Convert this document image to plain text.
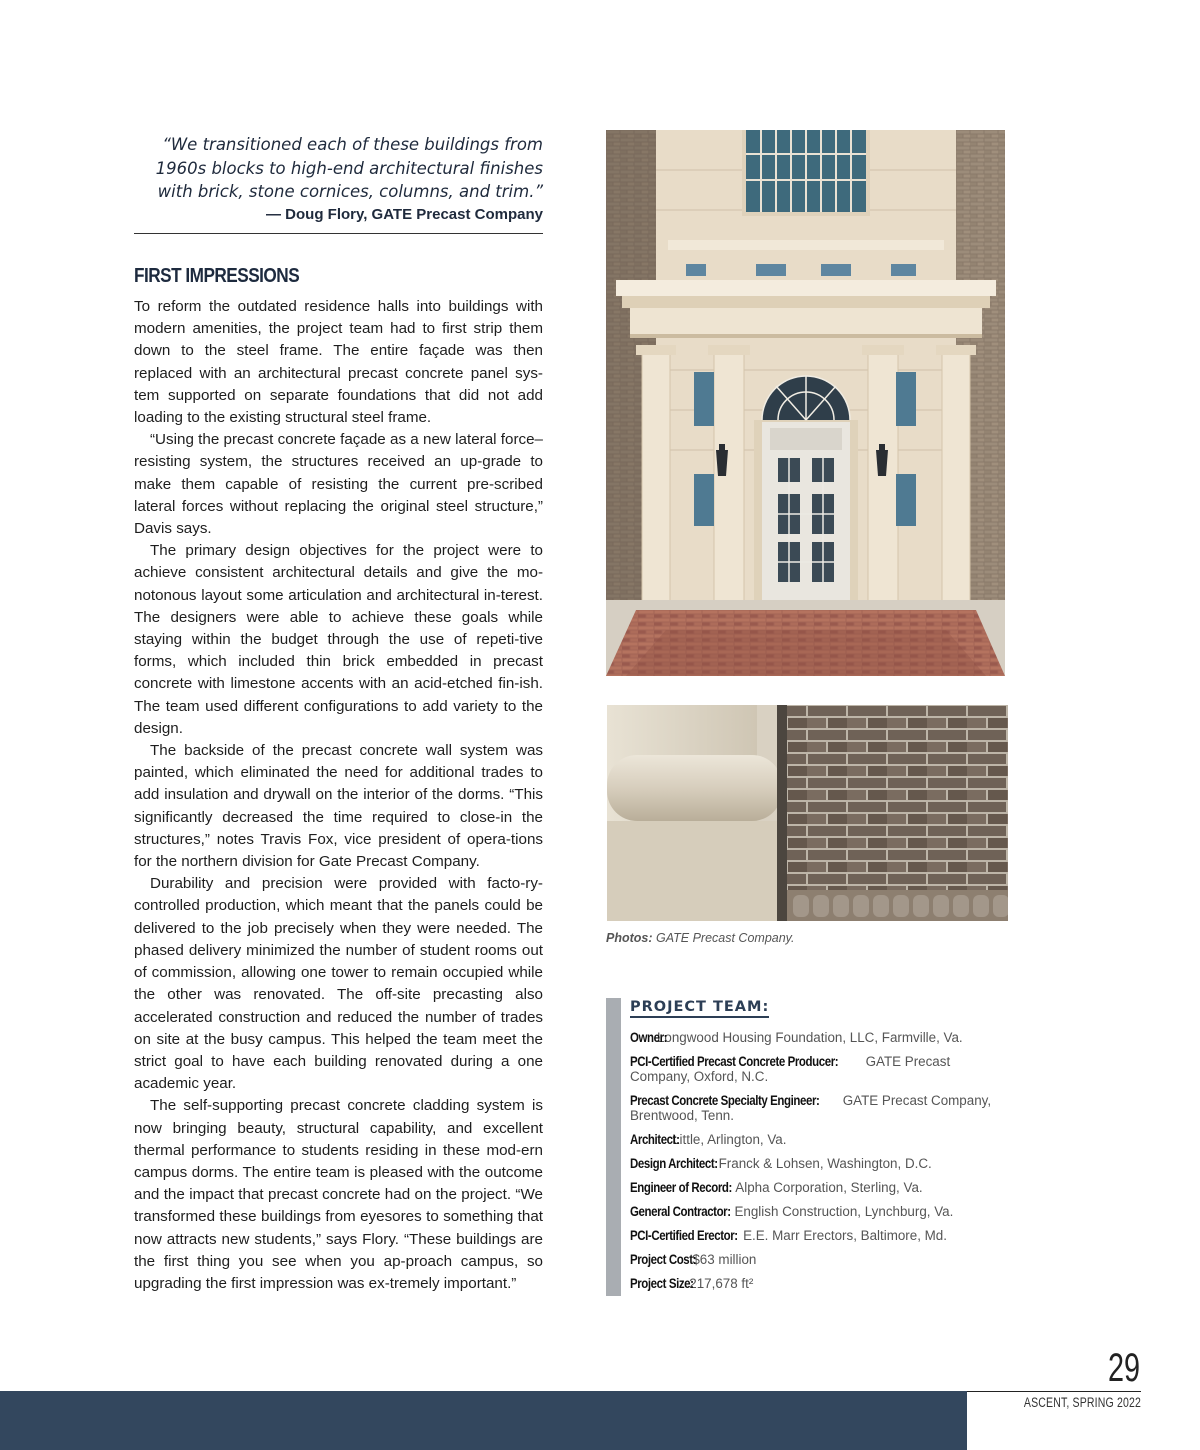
“We transitioned each of these buildings from
1960s blocks to high-end architectural finishes
with brick, stone cornices, columns, and trim.”
— Doug Flory, GATE Precast Company
FIRST IMPRESSIONS

To reform the outdated residence halls into buildings with modern amenities, the project team had to first strip them down to the steel frame. The entire façade was then replaced with an architectural precast concrete panel sys-tem supported on separate foundations that did not add loading to the existing structural steel frame.

“Using the precast concrete façade as a new lateral force–resisting system, the structures received an up-grade to make them capable of resisting the current pre-scribed lateral forces without replacing the original steel structure,” Davis says.

The primary design objectives for the project were to achieve consistent architectural details and give the mo-notonous layout some articulation and architectural in-terest. The designers were able to achieve these goals while staying within the budget through the use of repeti-tive forms, which included thin brick embedded in precast concrete with limestone accents with an acid-etched fin-ish. The team used different configurations to add variety to the design.

The backside of the precast concrete wall system was painted, which eliminated the need for additional trades to add insulation and drywall on the interior of the dorms. “This significantly decreased the time required to close-in the structures,” notes Travis Fox, vice president of opera-tions for the northern division for Gate Precast Company.

Durability and precision were provided with facto-ry-controlled production, which meant that the panels could be delivered to the job precisely when they were needed. The phased delivery minimized the number of student rooms out of commission, allowing one tower to remain occupied while the other was renovated. The off-site precasting also accelerated construction and reduced the number of trades on site at the busy campus. This helped the team meet the strict goal to have each building renovated during a one academic year.

The self-supporting precast concrete cladding system is now bringing beauty, structural capability, and excellent thermal performance to students residing in these mod-ern campus dorms. The entire team is pleased with the outcome and the impact that precast concrete had on the project. “We transformed these buildings from eyesores to something that now attracts new students,” says Flory. “These buildings are the first thing you see when you ap-proach campus, so upgrading the first impression was ex-tremely important.”

Photos: GATE Precast Company.
PROJECT TEAM:
Owner: Longwood Housing Foundation, LLC, Farmville, Va.
PCI-Certified Precast Concrete Producer: GATE Precast Company, Oxford, N.C.
Precast Concrete Specialty Engineer: GATE Precast Company, Brentwood, Tenn.
Architect: Little, Arlington, Va.
Design Architect: Franck & Lohsen, Washington, D.C.
Engineer of Record: Alpha Corporation, Sterling, Va.
General Contractor: English Construction, Lynchburg, Va.
PCI-Certified Erector: E.E. Marr Erectors, Baltimore, Md.
Project Cost: $63 million
Project Size: 217,678 ft²
29
ASCENT, SPRING 2022
